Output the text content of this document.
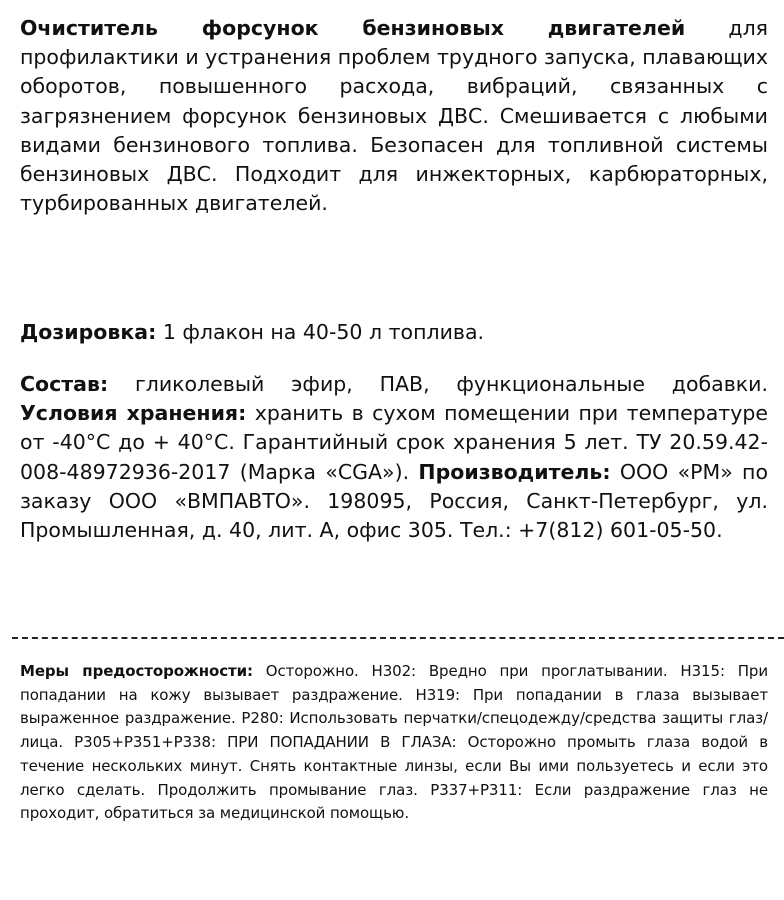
Очиститель форсунок бензиновых двигателей для профилактики и устранения проблем трудного запуска, плавающих оборотов, повышенного расхода, вибраций, связанных с загрязнением форсунок бензиновых ДВС. Смешивается с любыми видами бензинового топлива. Безопасен для топливной системы бензиновых ДВС. Подходит для инжекторных, карбюраторных, турбированных двигателей.

Дозировка: 1 флакон на 40-50 л топлива.

Состав: гликолевый эфир, ПАВ, функциональные добавки. Условия хранения: хранить в сухом помещении при температуре от -40°С до + 40°С. Гарантийный срок хранения 5 лет. ТУ 20.59.42-008-48972936-2017 (Марка «CGA»). Производитель: ООО «РМ» по заказу ООО «ВМПАВТО». 198095, Россия, Санкт-Петербург, ул. Промышленная, д. 40, лит. А, офис 305. Тел.: +7(812) 601-05-50.

Меры предосторожности: Осторожно. H302: Вредно при проглатывании. H315: При попадании на кожу вызывает раздражение. H319: При попадании в глаза вызывает выраженное раздражение. P280: Использовать перчатки/спецодежду/средства защиты глаз/лица. P305+P351+P338: ПРИ ПОПАДАНИИ В ГЛАЗА: Осторожно промыть глаза водой в течение нескольких минут. Снять контактные линзы, если Вы ими пользуетесь и если это легко сделать. Продолжить промывание глаз. P337+P311: Если раздражение глаз не проходит, обратиться за медицинской помощью.
